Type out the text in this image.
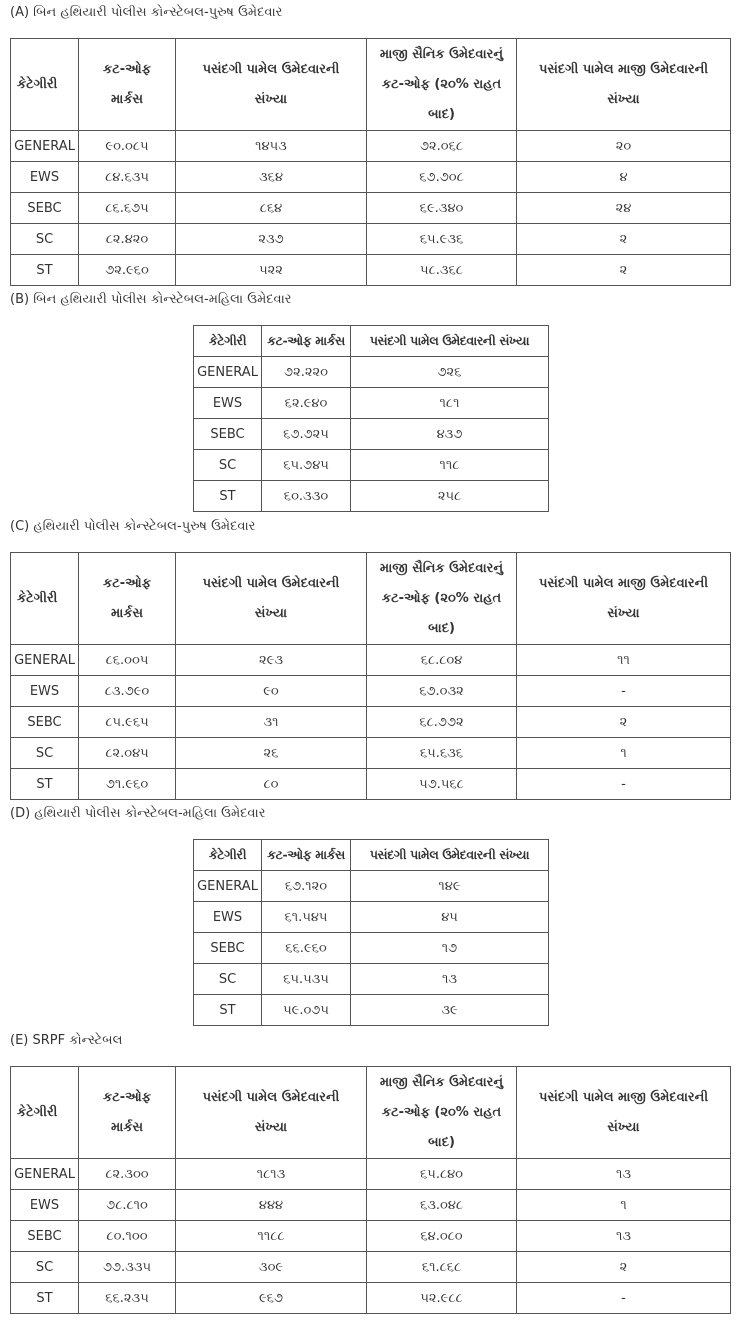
(A) બિન હથિયારી પોલીસ કોન્સ્ટેબલ-પુરુષ ઉમેદવાર
કેટેગીરી	કટ-ઓફ માર્કસ	પસંદગી પામેલ ઉમેદવારની સંખ્યા	માજી સૈનિક ઉમેદવારનું કટ-ઓફ (૨૦% રાહત બાદ)	પસંદગી પામેલ માજી ઉમેદવારની સંખ્યા
GENERAL	૯૦.૦૮૫	૧૪૫૩	૭૨.૦૬૮	૨૦
EWS	૮૪.૬૩૫	૩૬૪	૬૭.૭૦૮	૪
SEBC	૮૬.૬૭૫	૮૬૪	૬૯.૩૪૦	૨૪
SC	૮૨.૪૨૦	૨૩૭	૬૫.૯૩૬	૨
ST	૭૨.૯૬૦	૫૨૨	૫૮.૩૬૮	૨
(B) બિન હથિયારી પોલીસ કોન્સ્ટેબલ-મહિલા ઉમેદવાર
કેટેગીરી	કટ-ઓફ માર્કસ	પસંદગી પામેલ ઉમેદવારની સંખ્યા
GENERAL	૭૨.૨૨૦	૭૨૬
EWS	૬૨.૯૪૦	૧૮૧
SEBC	૬૭.૭૨૫	૪૩૭
SC	૬૫.૭૪૫	૧૧૮
ST	૬૦.૩૩૦	૨૫૮
(C) હથિયારી પોલીસ કોન્સ્ટેબલ-પુરુષ ઉમેદવાર
કેટેગીરી	કટ-ઓફ માર્કસ	પસંદગી પામેલ ઉમેદવારની સંખ્યા	માજી સૈનિક ઉમેદવારનું કટ-ઓફ (૨૦% રાહત બાદ)	પસંદગી પામેલ માજી ઉમેદવારની સંખ્યા
GENERAL	૮૬.૦૦૫	૨૯૩	૬૮.૮૦૪	૧૧
EWS	૮૩.૭૯૦	૯૦	૬૭.૦૩૨	-
SEBC	૮૫.૯૬૫	૩૧	૬૮.૭૭૨	૨
SC	૮૨.૦૪૫	૨૬	૬૫.૬૩૬	૧
ST	૭૧.૯૬૦	૮૦	૫૭.૫૬૮	-
(D) હથિયારી પોલીસ કોન્સ્ટેબલ-મહિલા ઉમેદવાર
કેટેગીરી	કટ-ઓફ માર્કસ	પસંદગી પામેલ ઉમેદવારની સંખ્યા
GENERAL	૬૭.૧૨૦	૧૪૯
EWS	૬૧.૫૪૫	૪૫
SEBC	૬૬.૯૬૦	૧૭
SC	૬૫.૫૩૫	૧૩
ST	૫૯.૦૭૫	૩૯
(E) SRPF કોન્સ્ટેબલ
કેટેગીરી	કટ-ઓફ માર્કસ	પસંદગી પામેલ ઉમેદવારની સંખ્યા	માજી સૈનિક ઉમેદવારનું કટ-ઓફ (૨૦% રાહત બાદ)	પસંદગી પામેલ માજી ઉમેદવારની સંખ્યા
GENERAL	૮૨.૩૦૦	૧૮૧૩	૬૫.૮૪૦	૧૩
EWS	૭૮.૮૧૦	૪૪૪	૬૩.૦૪૮	૧
SEBC	૮૦.૧૦૦	૧૧૮૮	૬૪.૦૮૦	૧૩
SC	૭૭.૩૩૫	૩૦૯	૬૧.૮૬૮	૨
ST	૬૬.૨૩૫	૯૬૭	૫૨.૯૮૮	-
